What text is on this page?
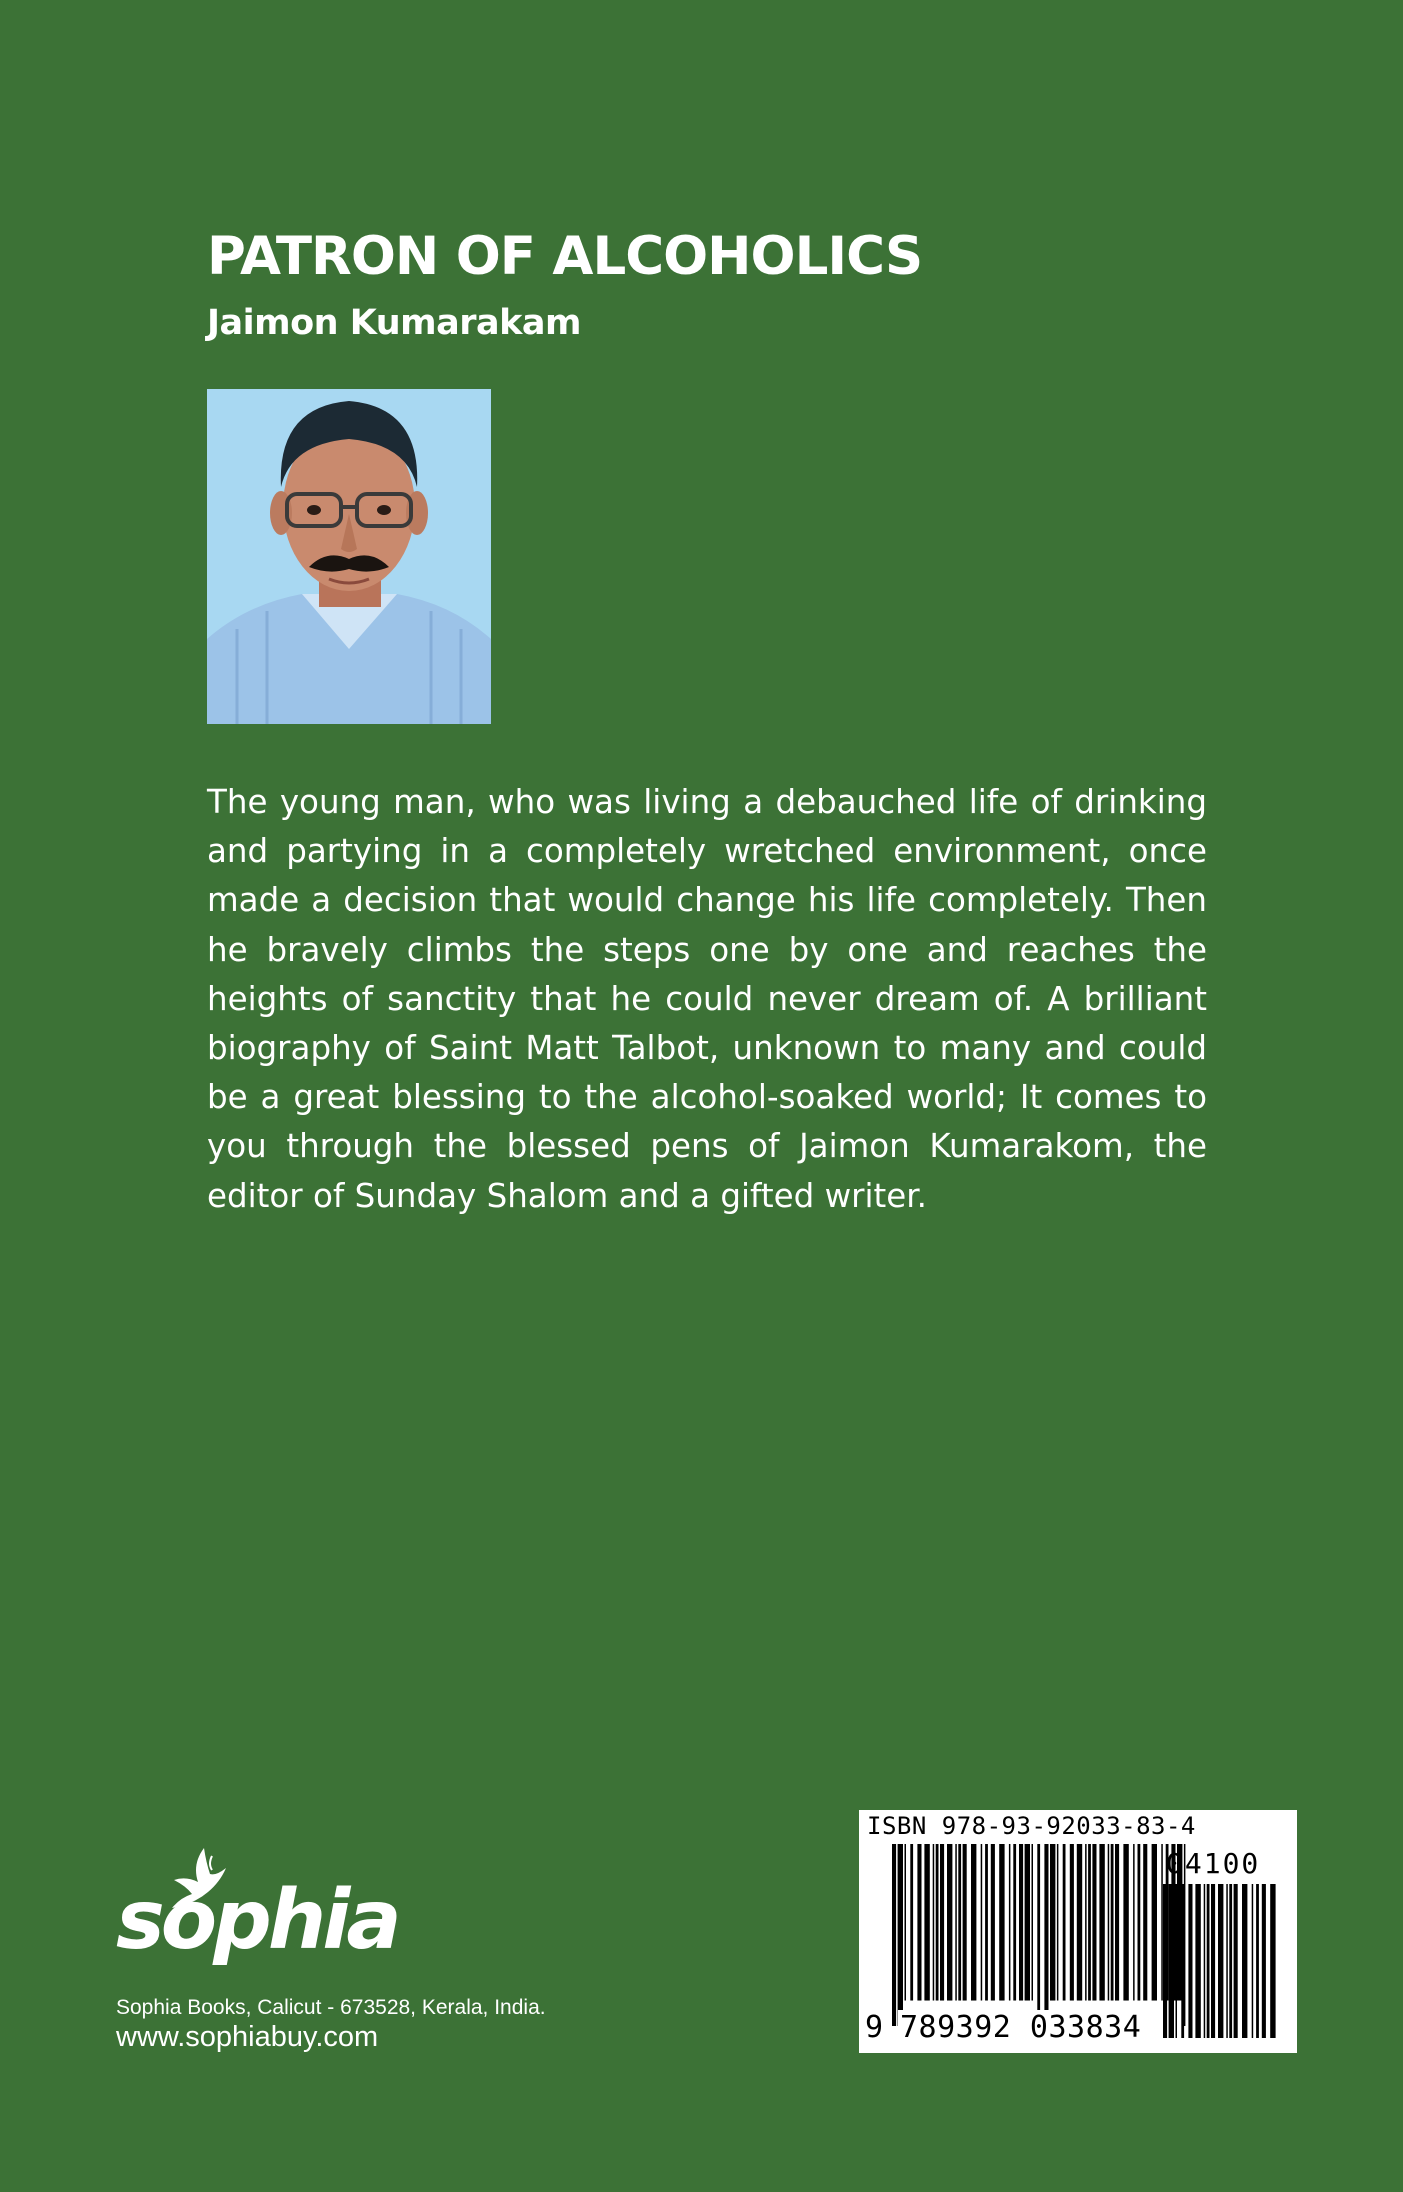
PATRON OF ALCOHOLICS
Jaimon Kumarakam

The young man, who was living a debauched life of drinking and partying in a completely wretched environment, once made a decision that would change his life completely. Then he bravely climbs the steps one by one and reaches the heights of sanctity that he could never dream of. A brilliant biography of Saint Matt Talbot, unknown to many and could be a great blessing to the alcohol-soaked world; It comes to you through the blessed pens of Jaimon Kumarakom, the editor of Sunday Shalom and a gifted writer.

sophia
Sophia Books, Calicut - 673528, Kerala, India.
www.sophiabuy.com
ISBN 978-93-92033-83-4
04100
9 789392 033834
